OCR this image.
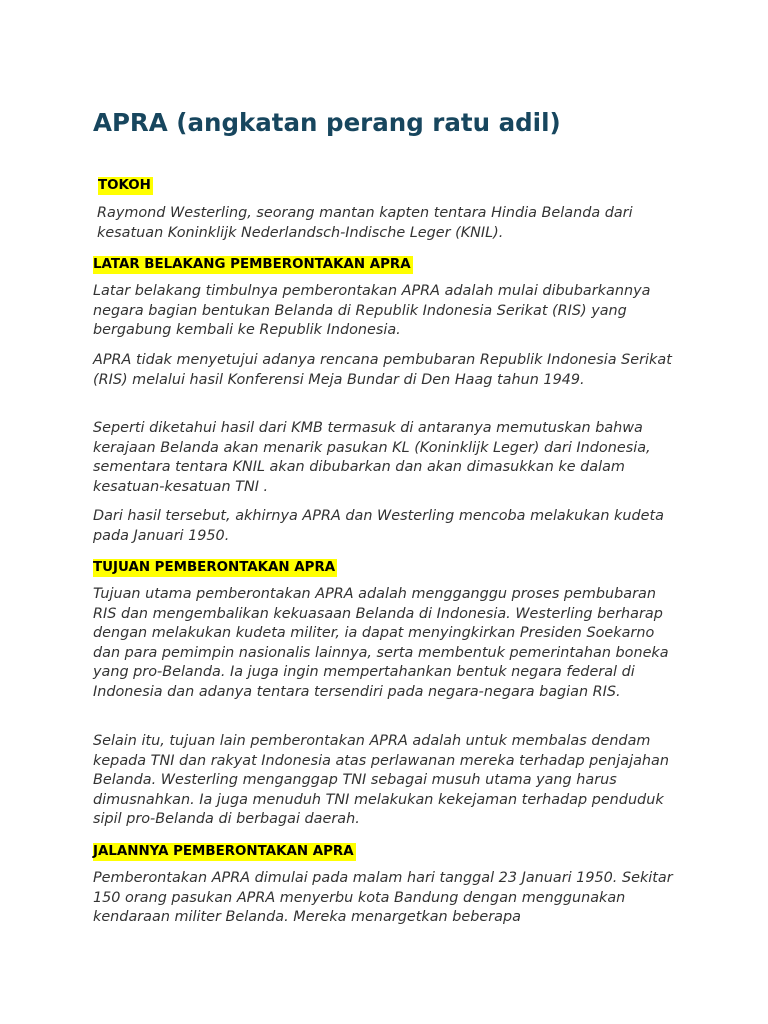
APRA (angkatan perang ratu adil)
TOKOH

Raymond Westerling, seorang mantan kapten tentara Hindia Belanda dari kesatuan Koninklijk Nederlandsch-Indische Leger (KNIL).

LATAR BELAKANG PEMBERONTAKAN APRA

Latar belakang timbulnya pemberontakan APRA adalah mulai dibubarkannya negara bagian bentukan Belanda di Republik Indonesia Serikat (RIS) yang bergabung kembali ke Republik Indonesia.

APRA tidak menyetujui adanya rencana pembubaran Republik Indonesia Serikat (RIS) melalui hasil Konferensi Meja Bundar di Den Haag tahun 1949.

Seperti diketahui hasil dari KMB termasuk di antaranya memutuskan bahwa kerajaan Belanda akan menarik pasukan KL (Koninklijk Leger) dari Indonesia, sementara tentara KNIL akan dibubarkan dan akan dimasukkan ke dalam kesatuan-kesatuan TNI .

Dari hasil tersebut, akhirnya APRA dan Westerling mencoba melakukan kudeta pada Januari 1950.

TUJUAN PEMBERONTAKAN APRA

Tujuan utama pemberontakan APRA adalah mengganggu proses pembubaran RIS dan mengembalikan kekuasaan Belanda di Indonesia. Westerling berharap dengan melakukan kudeta militer, ia dapat menyingkirkan Presiden Soekarno dan para pemimpin nasionalis lainnya, serta membentuk pemerintahan boneka yang pro-Belanda. Ia juga ingin mempertahankan bentuk negara federal di Indonesia dan adanya tentara tersendiri pada negara-negara bagian RIS.

Selain itu, tujuan lain pemberontakan APRA adalah untuk membalas dendam kepada TNI dan rakyat Indonesia atas perlawanan mereka terhadap penjajahan Belanda. Westerling menganggap TNI sebagai musuh utama yang harus dimusnahkan. Ia juga menuduh TNI melakukan kekejaman terhadap penduduk sipil pro-Belanda di berbagai daerah.

JALANNYA PEMBERONTAKAN APRA

Pemberontakan APRA dimulai pada malam hari tanggal 23 Januari 1950. Sekitar 150 orang pasukan APRA menyerbu kota Bandung dengan menggunakan kendaraan militer Belanda. Mereka menargetkan beberapa
